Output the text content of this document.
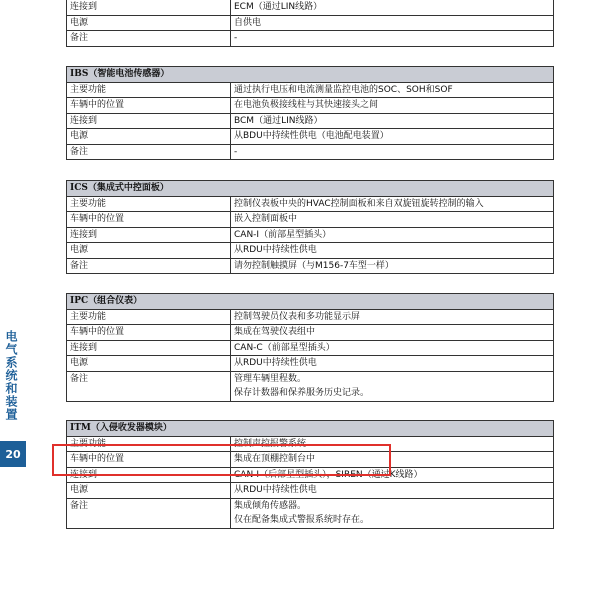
电气系统和装置
20
连接到	ECM（通过LIN线路）
电源	自供电
备注	-
IBS（智能电池传感器）	
主要功能	通过执行电压和电流测量监控电池的SOC、SOH和SOF
车辆中的位置	在电池负极接线柱与其快速接头之间
连接到	BCM（通过LIN线路）
电源	从BDU中持续性供电（电池配电装置）
备注	-
ICS（集成式中控面板）	
主要功能	控制仪表板中央的HVAC控制面板和来自双旋钮旋转控制的输入
车辆中的位置	嵌入控制面板中
连接到	CAN-I（前部星型插头）
电源	从RDU中持续性供电
备注	请勿控制触摸屏（与M156-7车型一样）
IPC（组合仪表）	
主要功能	控制驾驶员仪表和多功能显示屏
车辆中的位置	集成在驾驶仪表组中
连接到	CAN-C（前部星型插头）
电源	从RDU中持续性供电
备注	管理车辆里程数。
保存计数器和保养服务历史记录。
ITM（入侵收发器模块）	
主要功能	控制声控报警系统
车辆中的位置	集成在顶棚控制台中
连接到	CAN-I（后部星型插头），SIREN（通过K线路）
电源	从RDU中持续性供电
备注	集成倾角传感器。
仅在配备集成式警报系统时存在。
